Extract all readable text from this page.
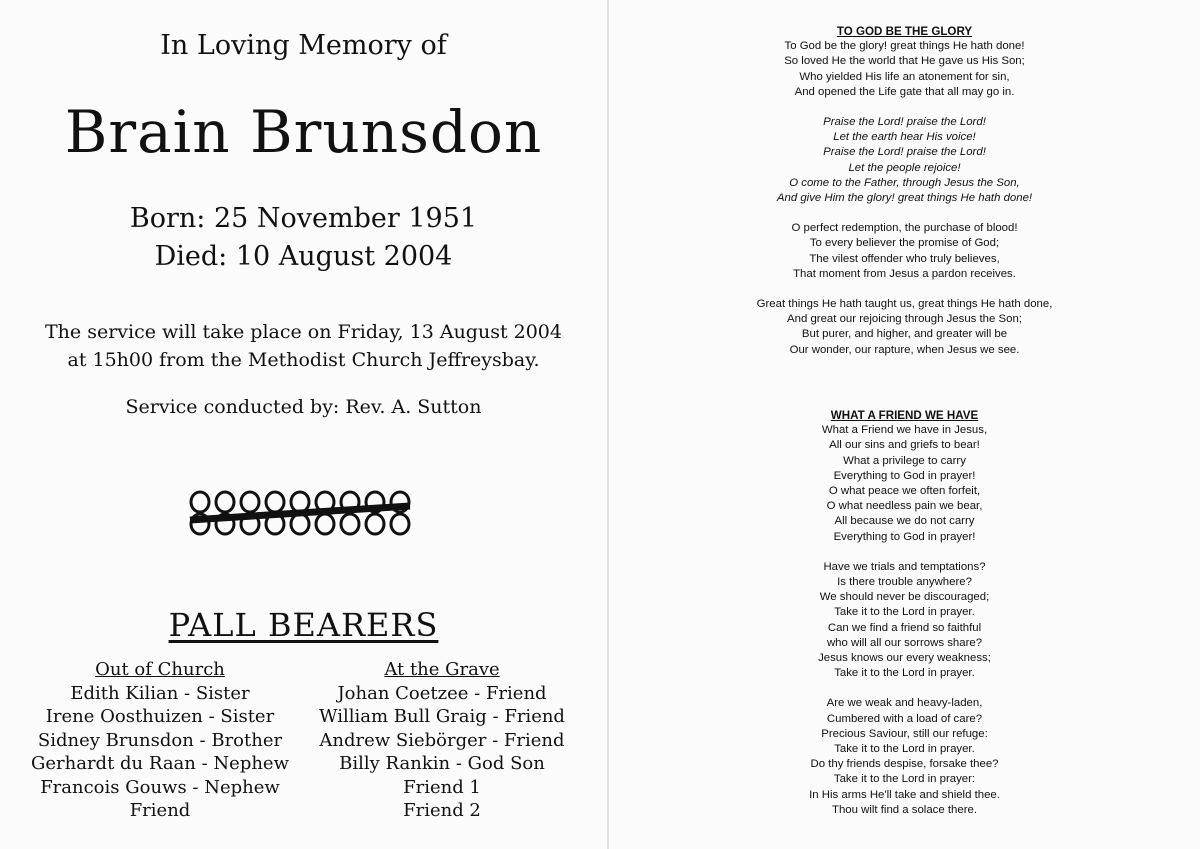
In Loving Memory of
Brain Brunsdon
Born: 25 November 1951
Died: 10 August 2004
The service will take place on Friday, 13 August 2004
at 15h00 from the Methodist Church Jeffreysbay.
Service conducted by: Rev. A. Sutton
PALL BEARERS
Out of Church
Edith Kilian - Sister
Irene Oosthuizen - Sister
Sidney Brunsdon - Brother
Gerhardt du Raan - Nephew
Francois Gouws - Nephew
Friend
At the Grave
Johan Coetzee - Friend
William Bull Graig - Friend
Andrew Siebörger - Friend
Billy Rankin - God Son
Friend 1
Friend 2
TO GOD BE THE GLORY

To God be the glory! great things He hath done!
So loved He the world that He gave us His Son;
Who yielded His life an atonement for sin,
And opened the Life gate that all may go in.

Praise the Lord! praise the Lord!
Let the earth hear His voice!
Praise the Lord! praise the Lord!
Let the people rejoice!
O come to the Father, through Jesus the Son,
And give Him the glory! great things He hath done!

O perfect redemption, the purchase of blood!
To every believer the promise of God;
The vilest offender who truly believes,
That moment from Jesus a pardon receives.

Great things He hath taught us, great things He hath done,
And great our rejoicing through Jesus the Son;
But purer, and higher, and greater will be
Our wonder, our rapture, when Jesus we see.

WHAT A FRIEND WE HAVE

What a Friend we have in Jesus,
All our sins and griefs to bear!
What a privilege to carry
Everything to God in prayer!
O what peace we often forfeit,
O what needless pain we bear,
All because we do not carry
Everything to God in prayer!

Have we trials and temptations?
Is there trouble anywhere?
We should never be discouraged;
Take it to the Lord in prayer.
Can we find a friend so faithful
who will all our sorrows share?
Jesus knows our every weakness;
Take it to the Lord in prayer.

Are we weak and heavy-laden,
Cumbered with a load of care?
Precious Saviour, still our refuge:
Take it to the Lord in prayer.
Do thy friends despise, forsake thee?
Take it to the Lord in prayer:
In His arms He'll take and shield thee.
Thou wilt find a solace there.
